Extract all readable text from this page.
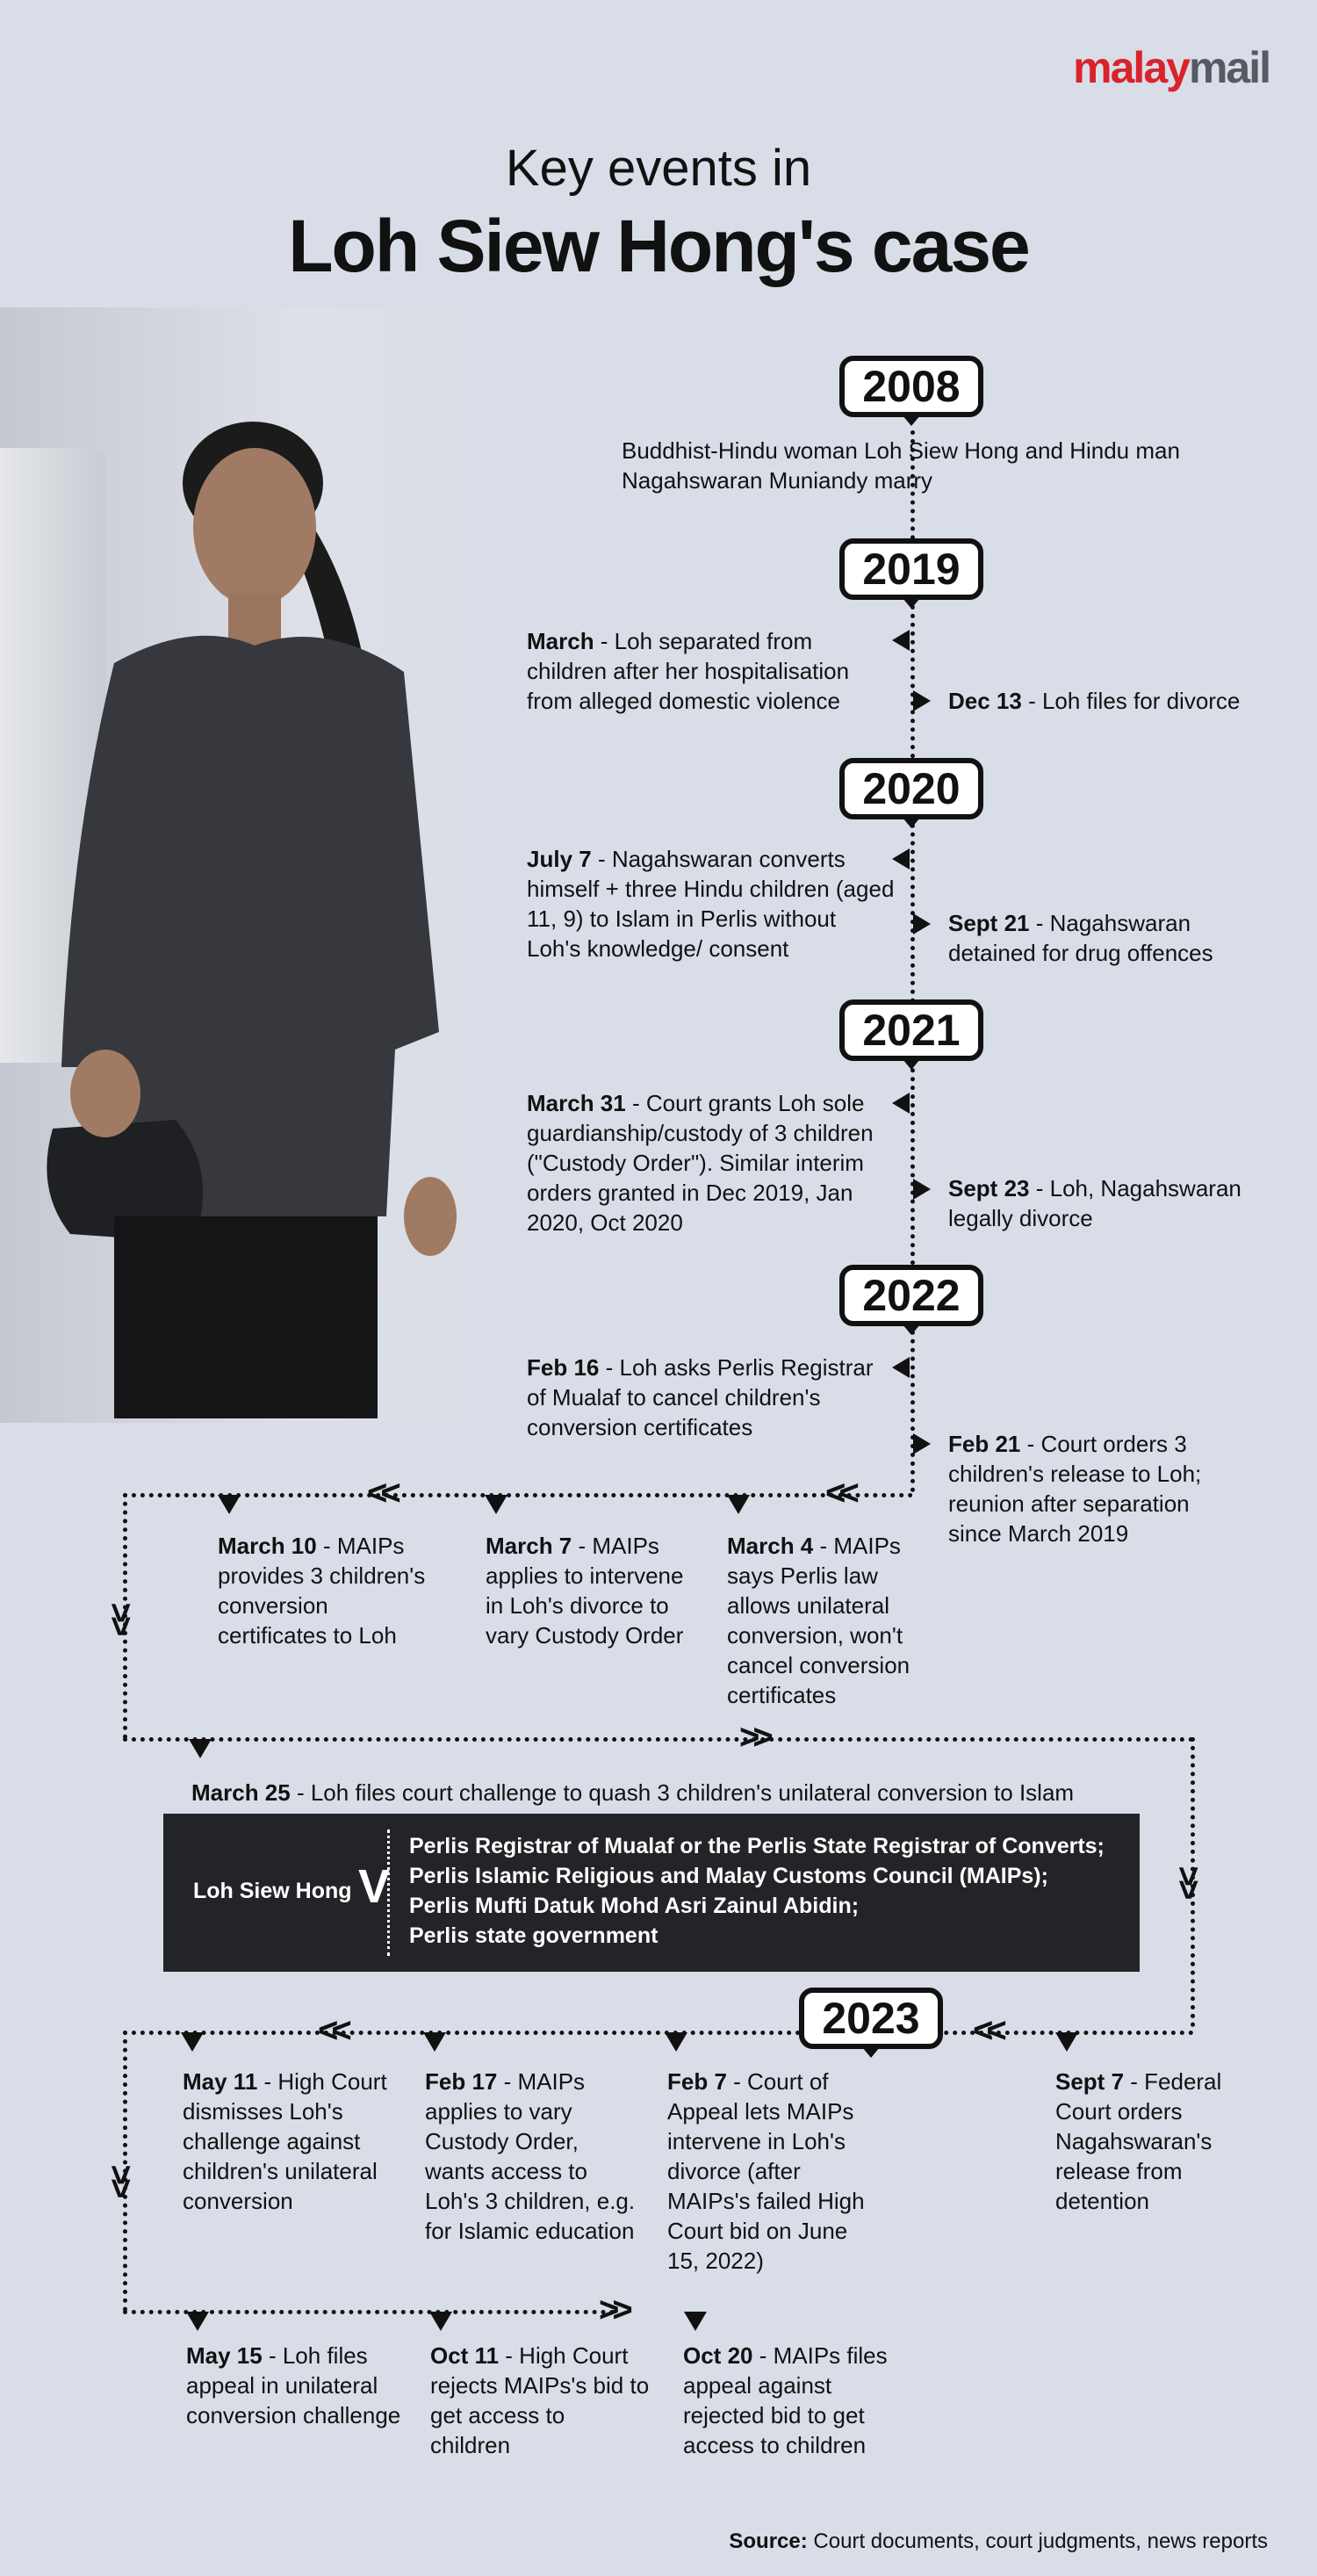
malaymail
Key events in
Loh Siew Hong's case
2008
Buddhist-Hindu woman Loh Siew Hong and Hindu man Nagahswaran Muniandy marry
2019
March - Loh separated from children after her hospitalisation from alleged domestic violence	Dec 13 - Loh files for divorce
2020
July 7 - Nagahswaran converts himself + three Hindu children (aged 11, 9) to Islam in Perlis without Loh's knowledge/ consent
Sept 21 - Nagahswaran detained for drug offences
2021
March 31 - Court grants Loh sole guardianship/custody of 3 children ("Custody Order"). Similar interim orders granted in Dec 2019, Jan 2020, Oct 2020
Sept 23 - Loh, Nagahswaran legally divorce
2022
Feb 16 - Loh asks Perlis Registrar of Mualaf to cancel children's conversion certificates
Feb 21 - Court orders 3 children's release to Loh; reunion after separation since March 2019
<<	<<
>>
>>
>>
March 10 - MAIPs provides 3 children's conversion certificates to Loh
March 7 - MAIPs applies to intervene in Loh's divorce to vary Custody Order
March 4 - MAIPs says Perlis law allows unilateral conversion, won't cancel conversion certificates
March 25 - Loh files court challenge to quash 3 children's unilateral conversion to Islam
Loh Siew Hong V
Perlis Registrar of Mualaf or the Perlis State Registrar of Converts;
Perlis Islamic Religious and Malay Customs Council (MAIPs);
Perlis Mufti Datuk Mohd Asri Zainul Abidin;
Perlis state government
2023	<<
<<
>>
>>
Sept 7 - Federal Court orders Nagahswaran's release from detention
Feb 7 - Court of Appeal lets MAIPs intervene in Loh's divorce (after MAIPs's failed High Court bid on June 15, 2022)
Feb 17 - MAIPs applies to vary Custody Order, wants access to Loh's 3 children, e.g. for Islamic education
May 11 - High Court dismisses Loh's challenge against children's unilateral conversion
May 15 - Loh files appeal in unilateral conversion challenge
Oct 11 - High Court rejects MAIPs's bid to get access to children
Oct 20 - MAIPs files appeal against rejected bid to get access to children
Source: Court documents, court judgments, news reports
